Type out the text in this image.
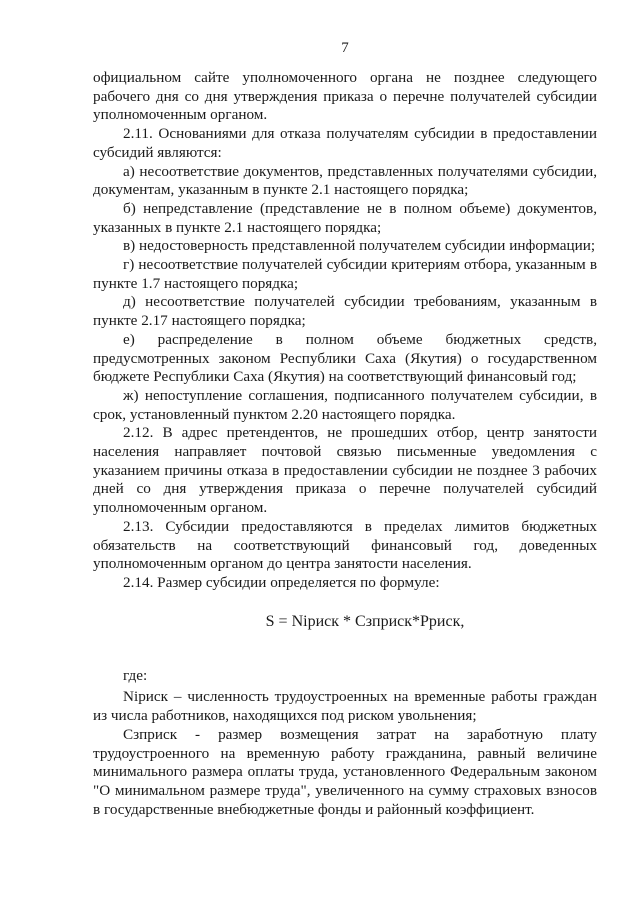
7

официальном сайте уполномоченного органа не позднее следующего рабочего дня со дня утверждения приказа о перечне получателей субсидии уполномоченным органом.

2.11. Основаниями для отказа получателям субсидии в предоставлении субсидий являются:

а) несоответствие документов, представленных получателями субсидии, документам, указанным в пункте 2.1 настоящего порядка;

б) непредставление (представление не в полном объеме) документов, указанных в пункте 2.1 настоящего порядка;

в) недостоверность представленной получателем субсидии информации;

г) несоответствие получателей субсидии критериям отбора, указанным в пункте 1.7 настоящего порядка;

д) несоответствие получателей субсидии требованиям, указанным в пункте 2.17 настоящего порядка;

е) распределение в полном объеме бюджетных средств, предусмотренных законом Республики Саха (Якутия) о государственном бюджете Республики Саха (Якутия) на соответствующий финансовый год;

ж) непоступление соглашения, подписанного получателем субсидии, в срок, установленный пунктом 2.20 настоящего порядка.

2.12. В адрес претендентов, не прошедших отбор, центр занятости населения направляет почтовой связью письменные уведомления с указанием причины отказа в предоставлении субсидии не позднее 3 рабочих дней со дня утверждения приказа о перечне получателей субсидий уполномоченным органом.

2.13. Субсидии предоставляются в пределах лимитов бюджетных обязательств на соответствующий финансовый год, доведенных уполномоченным органом до центра занятости населения.

2.14. Размер субсидии определяется по формуле:

S = Nipиск * Cзприск*Pриск,

где:

Nipиск – численность трудоустроенных на временные работы граждан из числа работников, находящихся под риском увольнения;

Cзприск - размер возмещения затрат на заработную плату трудоустроенного на временную работу гражданина, равный величине минимального размера оплаты труда, установленного Федеральным законом "О минимальном размере труда", увеличенного на сумму страховых взносов в государственные внебюджетные фонды и районный коэффициент.
